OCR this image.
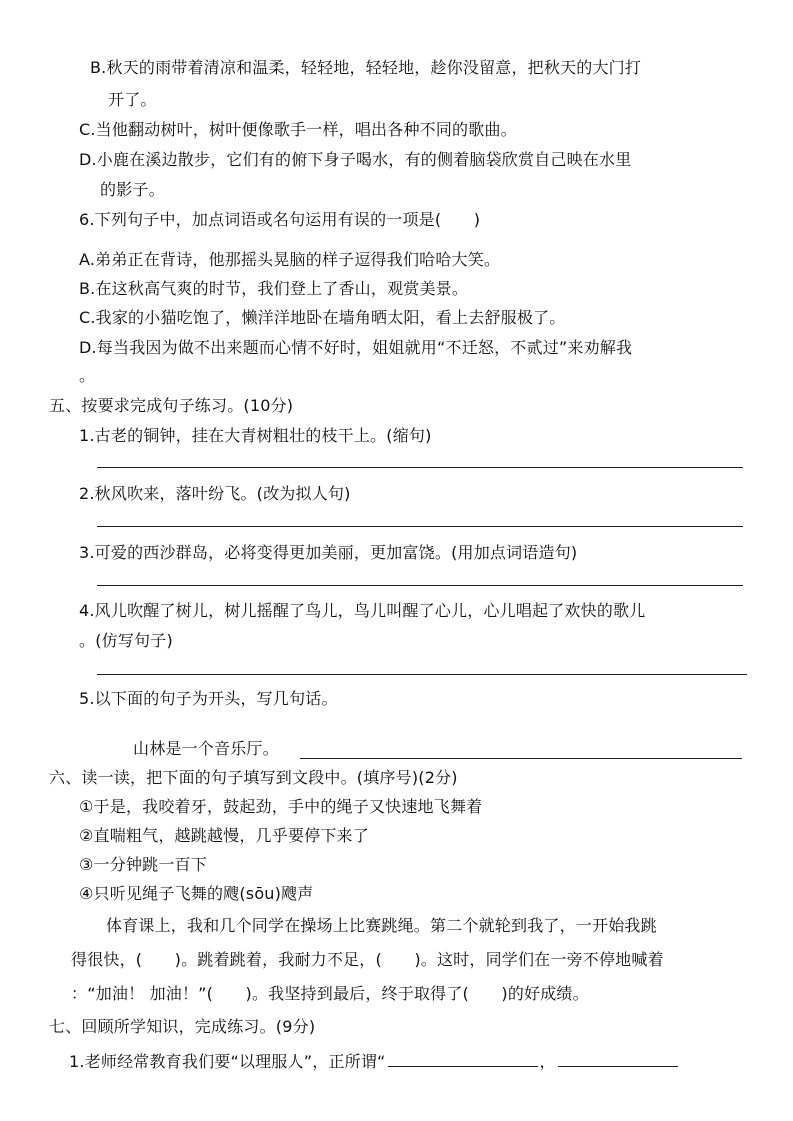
B.秋天的雨带着清凉和温柔，轻轻地，轻轻地，趁你没留意，把秋天的大门打
开了。
C.当他翻动树叶，树叶便像歌手一样，唱出各种不同的歌曲。
D.小鹿在溪边散步，它们有的俯下身子喝水，有的侧着脑袋欣赏自己映在水里
的影子。
6.下列句子中，加点词语或名句运用有误的一项是(　　)
A.弟弟正在背诗，他那摇头晃脑的样子逗得我们哈哈大笑。
B.在这秋高气爽的时节，我们登上了香山，观赏美景。
C.我家的小猫吃饱了，懒洋洋地卧在墙角晒太阳，看上去舒服极了。
D.每当我因为做不出来题而心情不好时，姐姐就用“不迁怒，不贰过”来劝解我
。
五、按要求完成句子练习。(10分)
1.古老的铜钟，挂在大青树粗壮的枝干上。(缩句)
2.秋风吹来，落叶纷飞。(改为拟人句)
3.可爱的西沙群岛，必将变得更加美丽，更加富饶。(用加点词语造句)
4.风儿吹醒了树儿，树儿摇醒了鸟儿，鸟儿叫醒了心儿，心儿唱起了欢快的歌儿
。(仿写句子)
5.以下面的句子为开头，写几句话。
山林是一个音乐厅。
六、读一读，把下面的句子填写到文段中。(填序号)(2分)
①于是，我咬着牙，鼓起劲，手中的绳子又快速地飞舞着
②直喘粗气，越跳越慢，几乎要停下来了
③一分钟跳一百下
④只听见绳子飞舞的飕(sōu)飕声
体育课上，我和几个同学在操场上比赛跳绳。第二个就轮到我了，一开始我跳
得很快，(　　)。跳着跳着，我耐力不足，(　　)。这时，同学们在一旁不停地喊着
：“加油！ 加油！”(　　)。我坚持到最后，终于取得了(　　)的好成绩。
七、回顾所学知识，完成练习。(9分)
1.老师经常教育我们要“以理服人”，正所谓“	，
